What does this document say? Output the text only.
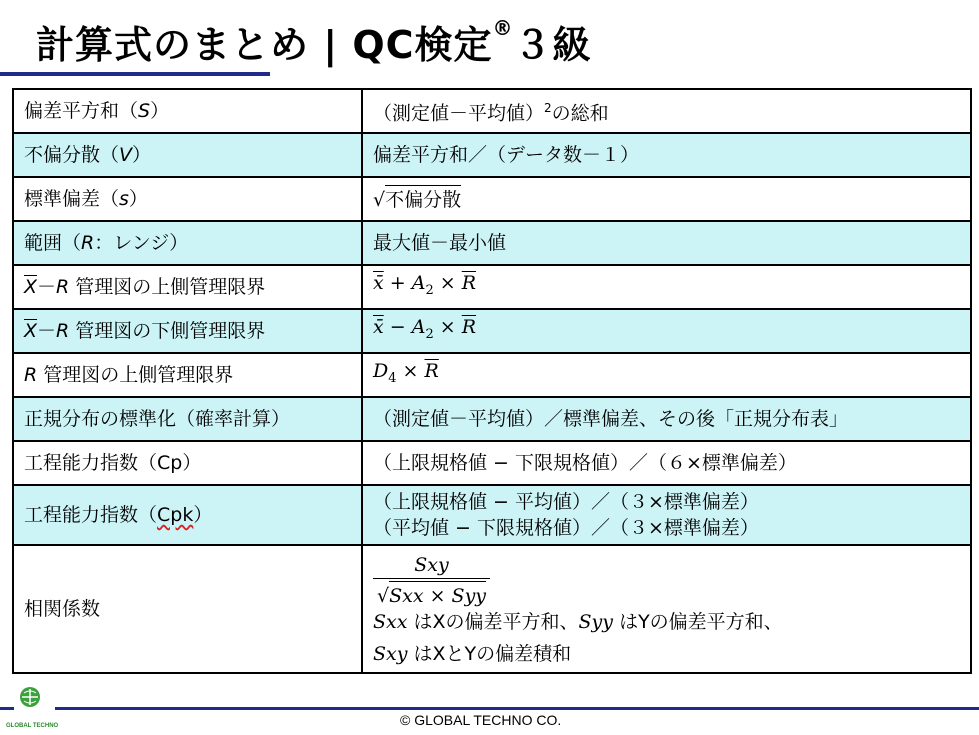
計算式のまとめ | QC検定®３級
偏差平方和（S）	（測定値－平均値）$^2$の総和
不偏分散（V）	偏差平方和／（データ数－１）
標準偏差（s）	√不偏分散
範囲（R：レンジ）	最大値－最小値
$\overline{X}-R$ 管理図の上側管理限界	x̄ + $A_2 \times \overline{R}$
$\overline{X}-R$ 管理図の下側管理限界	x̄ − $A_2 \times \overline{R}$
R 管理図の上側管理限界	$D_4 \times \overline{R}$
正規分布の標準化（確率計算）	（測定値－平均値）／標準偏差、その後「正規分布表」
工程能力指数（Cp）	（上限規格値 − 下限規格値）／（６×標準偏差）
工程能力指数（Cpk）	（上限規格値 − 平均値）／（３×標準偏差）
（平均値 − 下限規格値）／（３×標準偏差）

相関係数	$\frac{\text{Sxy}}{\text{√Sxx × Syy}}$
Sxx はXの偏差平方和、Syy はYの偏差平方和、
Sxy はXとYの偏差積和
GLOBAL TECHNO	© GLOBAL TECHNO CO.
